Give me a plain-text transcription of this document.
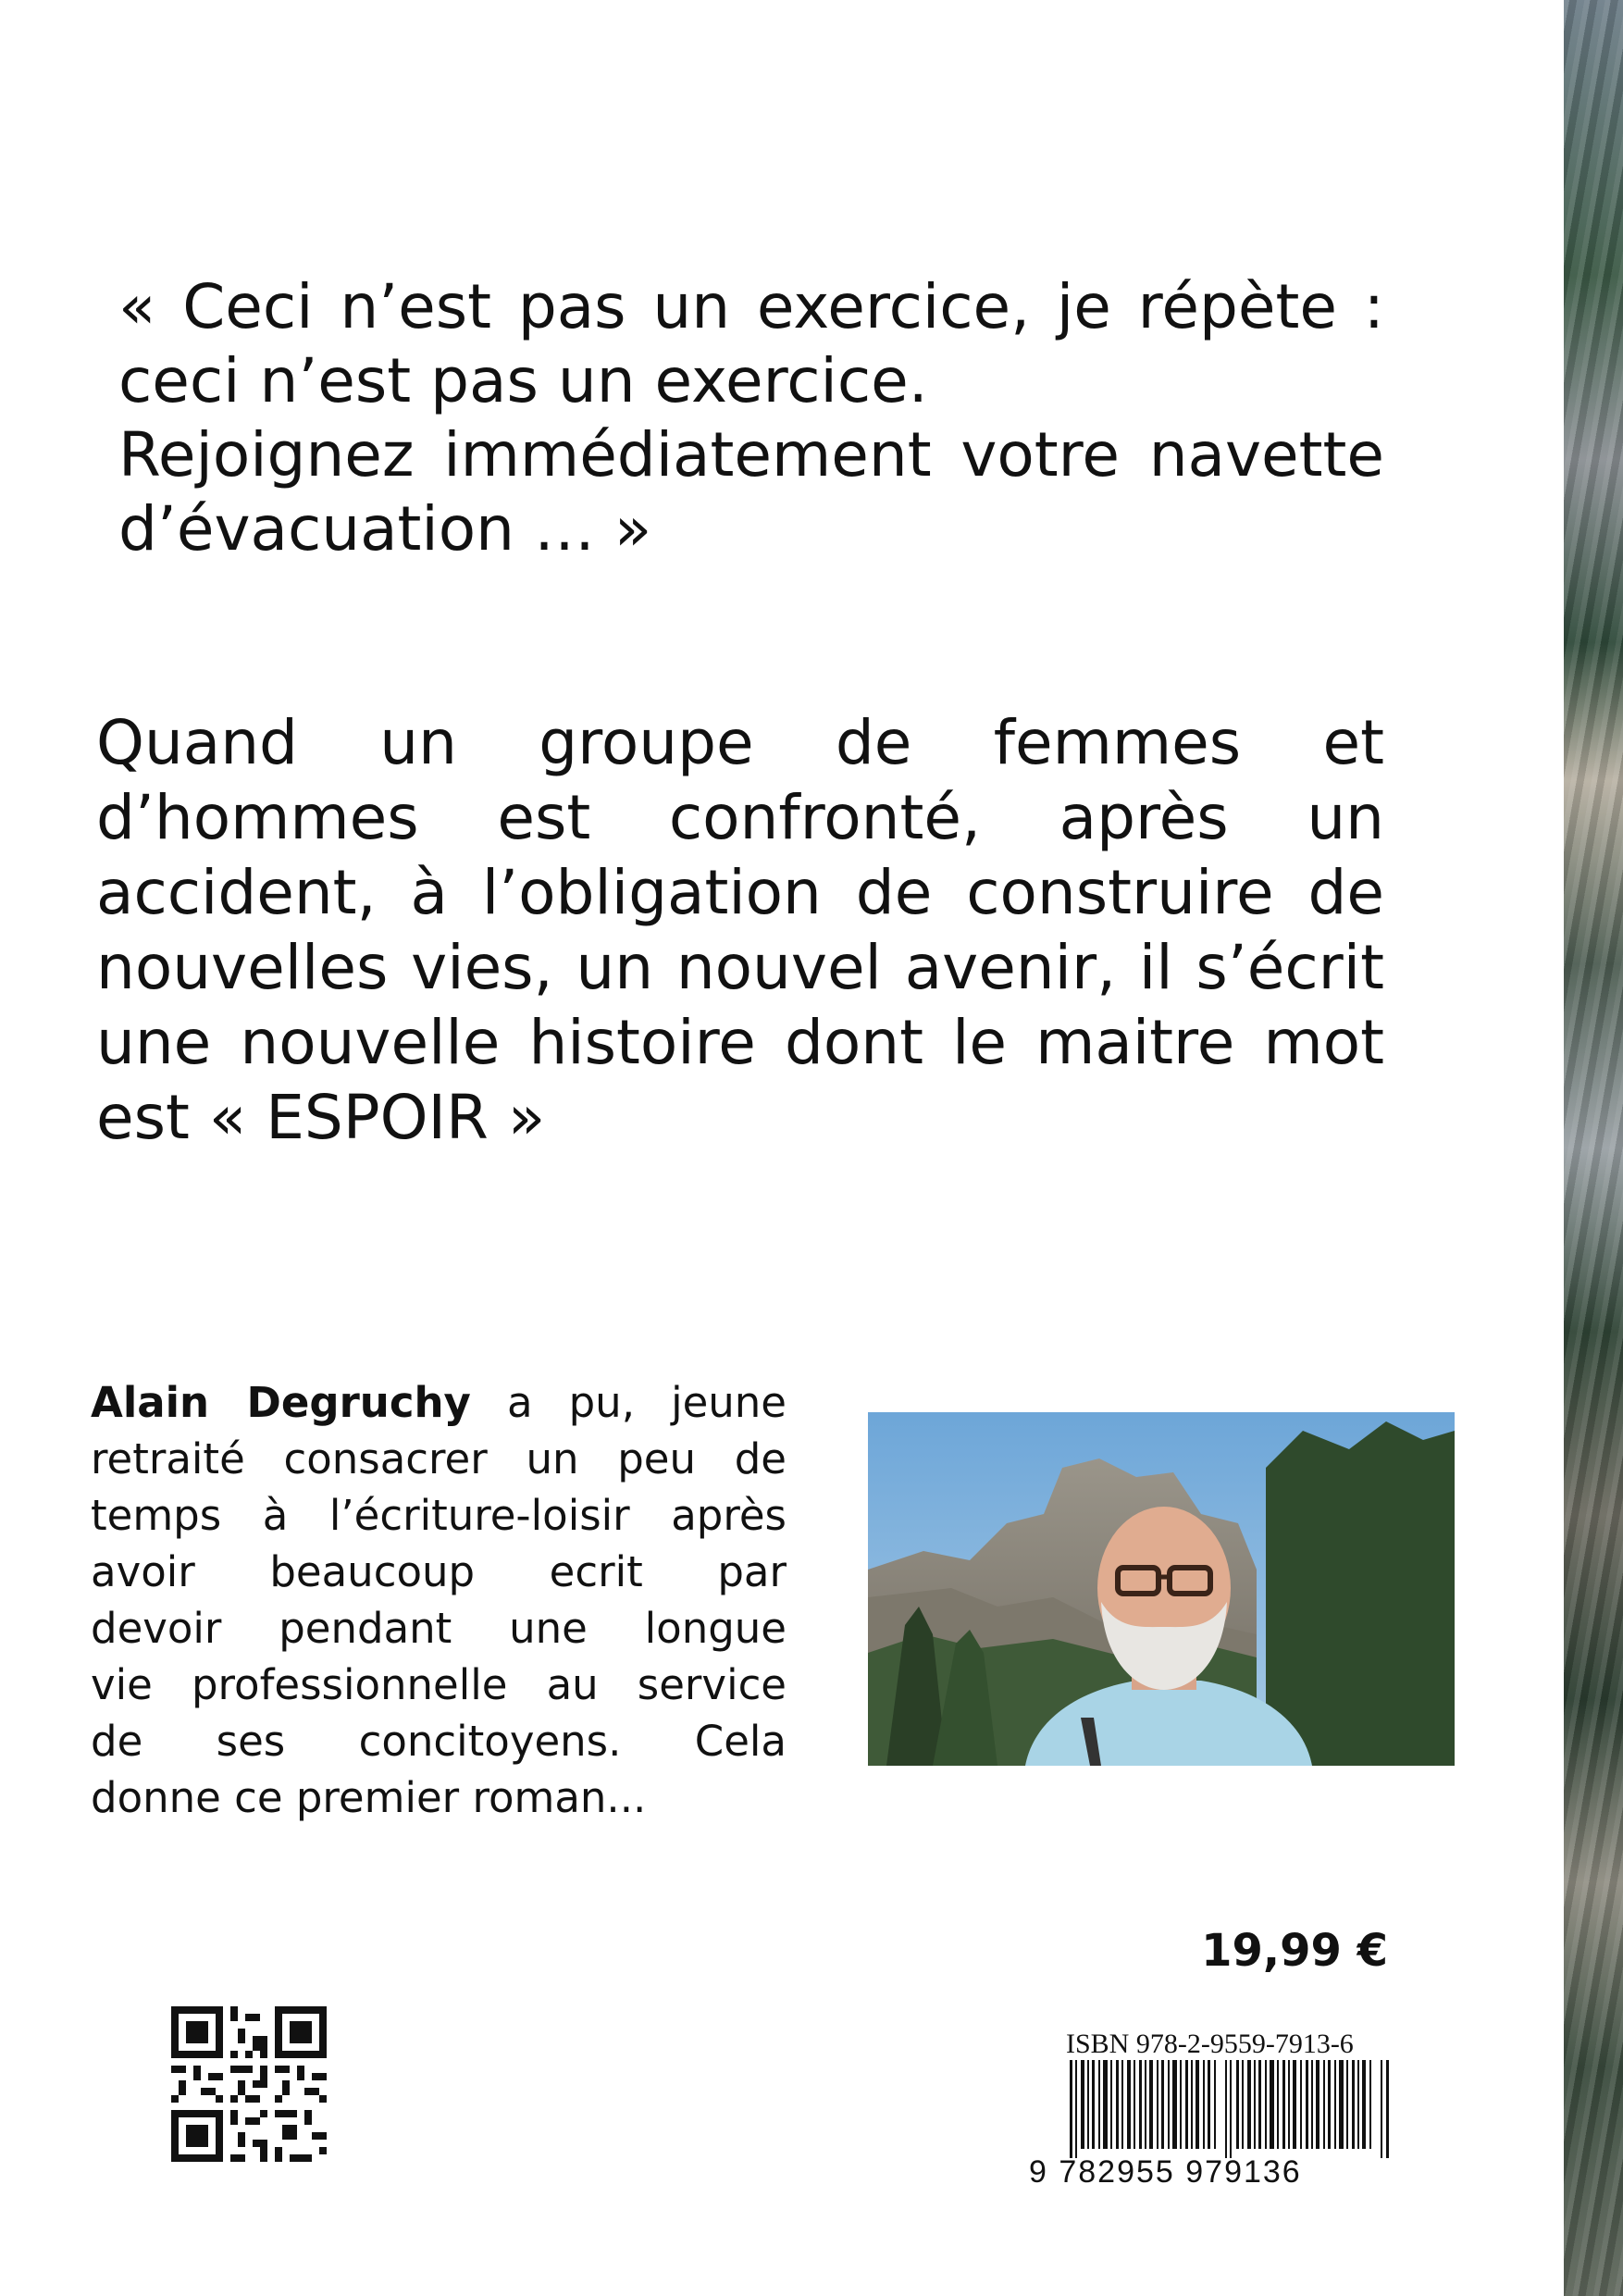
« Ceci n’est pas un exercice, je répète :
ceci n’est pas un exercice.
Rejoignez immédiatement votre navette
d’évacuation … »

Quand un groupe de femmes et
d’hommes est confronté, après un
accident, à l’obligation de construire de
nouvelles vies, un nouvel avenir, il s’écrit
une nouvelle histoire dont le maitre mot
est « ESPOIR »

Alain Degruchy a pu, jeune
retraité consacrer un peu de
temps à l’écriture-loisir après
avoir beaucoup ecrit par
devoir pendant une longue
vie professionnelle au service
de ses concitoyens. Cela
donne ce premier roman...

19,99 €

ISBN 978-2-9559-7913-6
9 782955 979136
